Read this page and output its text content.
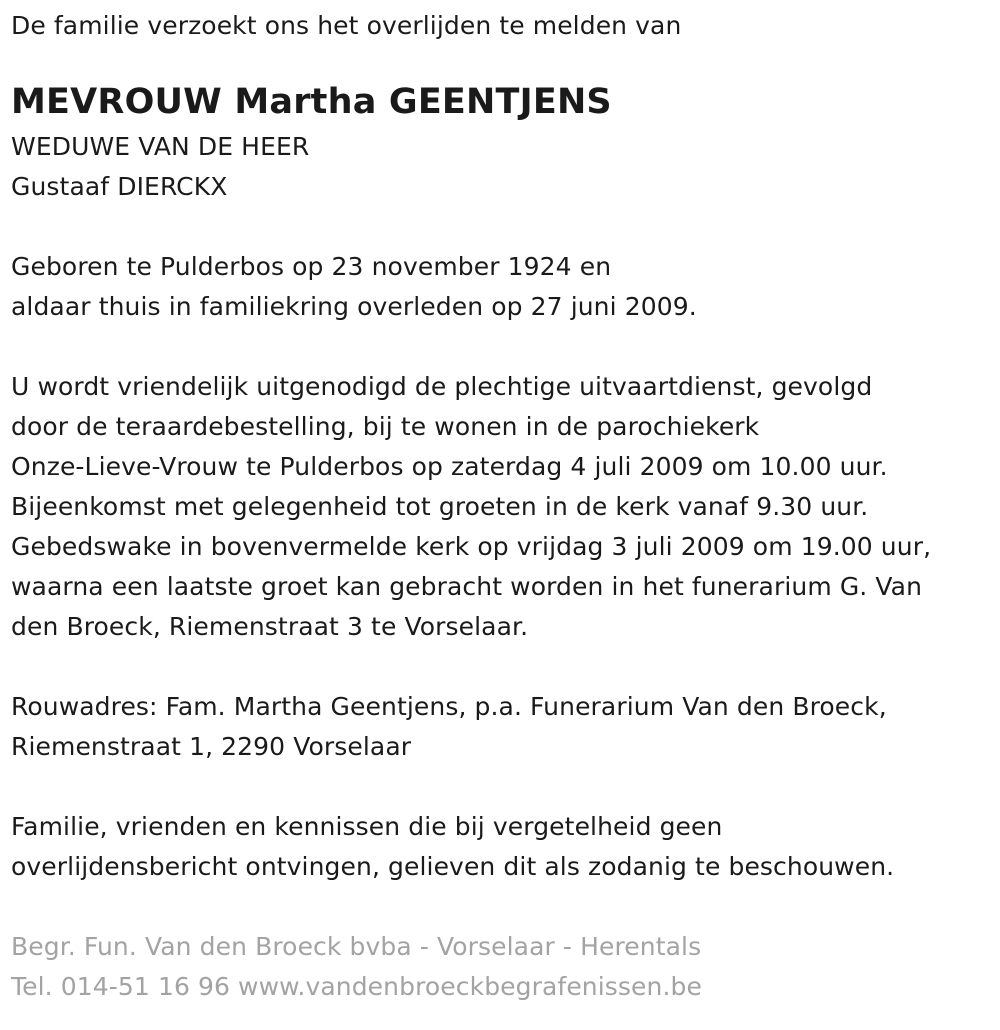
De familie verzoekt ons het overlijden te melden van
MEVROUW Martha GEENTJENS
WEDUWE VAN DE HEER
Gustaaf DIERCKX
Geboren te Pulderbos op 23 november 1924 en
aldaar thuis in familiekring overleden op 27 juni 2009.
U wordt vriendelijk uitgenodigd de plechtige uitvaartdienst, gevolgd
door de teraardebestelling, bij te wonen in de parochiekerk
Onze-Lieve-Vrouw te Pulderbos op zaterdag 4 juli 2009 om 10.00 uur.
Bijeenkomst met gelegenheid tot groeten in de kerk vanaf 9.30 uur.
Gebedswake in bovenvermelde kerk op vrijdag 3 juli 2009 om 19.00 uur,
waarna een laatste groet kan gebracht worden in het funerarium G. Van
den Broeck, Riemenstraat 3 te Vorselaar.
Rouwadres: Fam. Martha Geentjens, p.a. Funerarium Van den Broeck,
Riemenstraat 1, 2290 Vorselaar
Familie, vrienden en kennissen die bij vergetelheid geen
overlijdensbericht ontvingen, gelieven dit als zodanig te beschouwen.
Begr. Fun. Van den Broeck bvba - Vorselaar - Herentals
Tel. 014-51 16 96 www.vandenbroeckbegrafenissen.be
